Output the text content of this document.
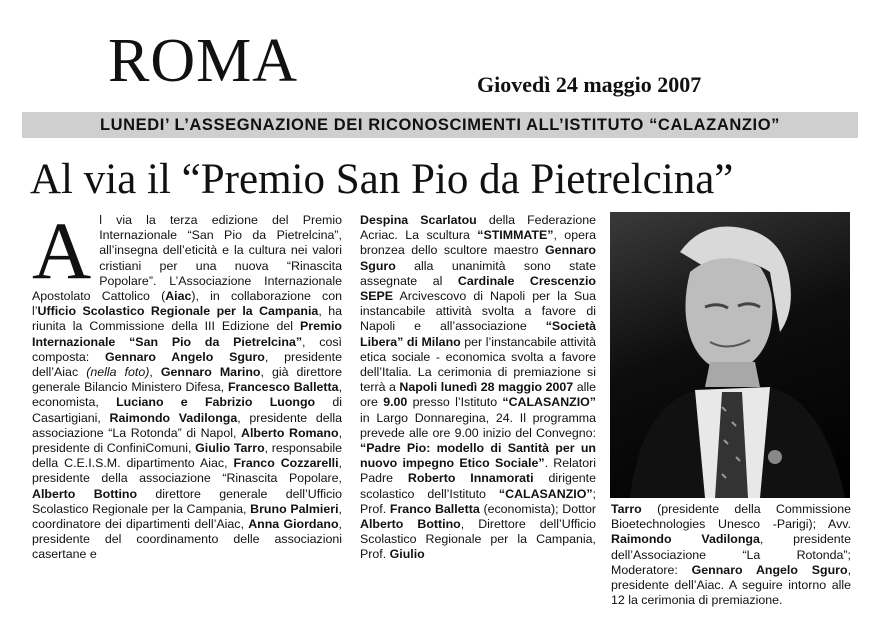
ROMA	Giovedì 24 maggio 2007
LUNEDI’ L’ASSEGNAZIONE DEI RICONOSCIMENTI ALL’ISTITUTO “CALAZANZIO”
Al via il “Premio San Pio da Pietrelcina”

Al via la terza edizione del Premio Internazionale “San Pio da Pietrelcina”, all’insegna dell’eticità e la cultura nei valori cristiani per una nuova “Rinascita Popolare”. L’Associazione Internazionale Apostolato Cattolico (Aiac), in collaborazione con l’Ufficio Scolastico Regionale per la Campania, ha riunita la Commissione della III Edizione del Premio Internazionale “San Pio da Pietrelcina”, così composta: Gennaro Angelo Sguro, presidente dell’Aiac (nella foto), Gennaro Marino, già direttore generale Bilancio Ministero Difesa, Francesco Balletta, economista, Luciano e Fabrizio Luongo di Casartigiani, Raimondo Vadilonga, presidente della associazione “La Rotonda” di Napol, Alberto Romano, presidente di ConfiniComuni, Giulio Tarro, responsabile della C.E.I.S.M. dipartimento Aiac, Franco Cozzarelli, presidente della associazione “Rinascita Popolare, Alberto Bottino direttore generale dell’Ufficio Scolastico Regionale per la Campania, Bruno Palmieri, coordinatore dei dipartimenti dell’Aiac, Anna Giordano, presidente del coordinamento delle associazioni casertane e

Despina Scarlatou della Federazione Acriac. La scultura “STIMMATE”, opera bronzea dello scultore maestro Gennaro Sguro alla unanimità sono state assegnate al Cardinale Crescenzio SEPE Arcivescovo di Napoli per la Sua instancabile attività svolta a favore di Napoli e all’associazione “Società Libera” di Milano per l’instancabile attività etica sociale - economica svolta a favore dell’Italia. La cerimonia di premiazione si terrà a Napoli lunedì 28 maggio 2007 alle ore 9.00 presso l’Istituto “CALASANZIO” in Largo Donnaregina, 24. Il programma prevede alle ore 9.00 inizio del Convegno: “Padre Pio: modello di Santità per un nuovo impegno Etico Sociale”. Relatori Padre Roberto Innamorati dirigente scolastico dell’Istituto “CALASANZIO”; Prof. Franco Balletta (economista); Dottor Alberto Bottino, Direttore dell’Ufficio Scolastico Regionale per la Campania, Prof. Giulio

Tarro (presidente della Commissione Bioetechnologies Unesco -Parigi); Avv. Raimondo Vadilonga, presidente dell’Associazione “La Rotonda”; Moderatore: Gennaro Angelo Sguro, presidente dell’Aiac. A seguire intorno alle 12 la cerimonia di premiazione.
